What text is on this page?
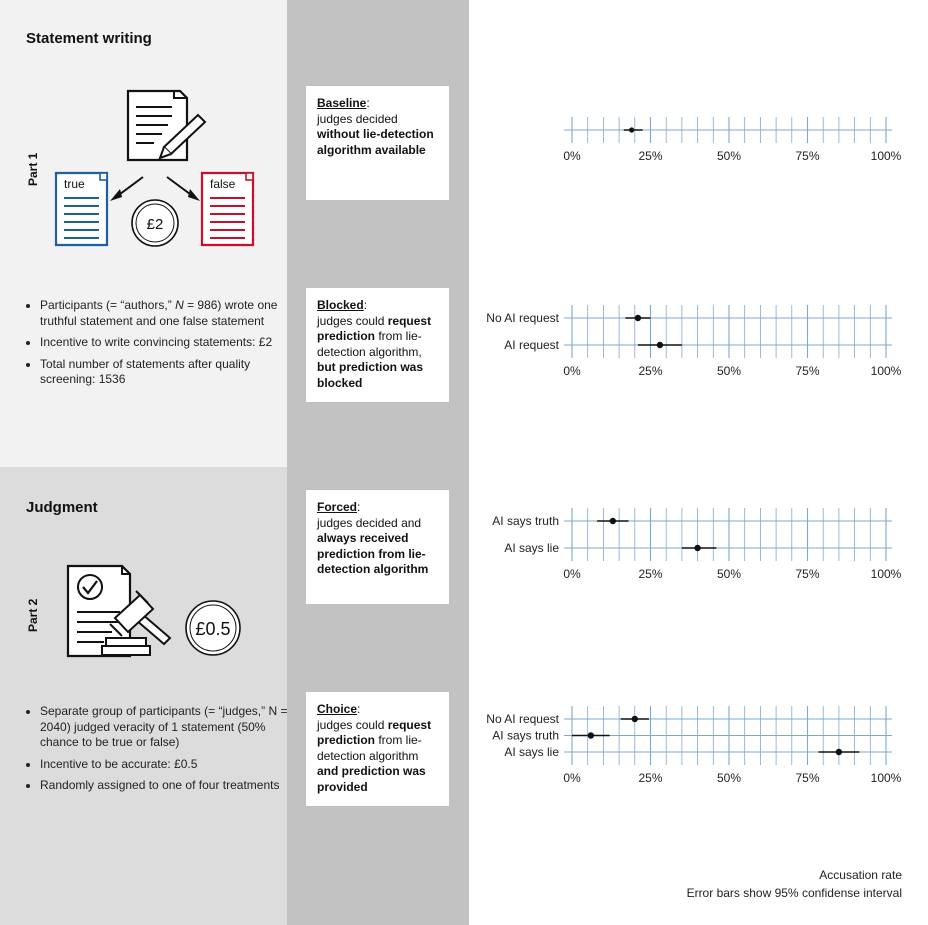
Statement writing
Part 1 true	false
£2
• Participants (= “authors,” N = 986) wrote one truthful statement and one false statement
• Incentive to write convincing statements: £2
• Total number of statements after quality screening: 1536
Judgment
Part 2	£0.5
• Separate group of participants (= “judges,” N = 2040) judged veracity of 1 statement (50% chance to be true or false)
• Incentive to be accurate: £0.5
• Randomly assigned to one of four treatments
Baseline:
judges decided without lie-detection algorithm available
Blocked:
judges could request prediction from lie-detection algorithm, but prediction was blocked
Forced:
judges decided and always received prediction from lie-detection algorithm
Choice:
judges could request prediction from lie-detection algorithm and prediction was provided
0%	25%	50%	75%	100%
No AI request
AI request
0%	25%	50%	75%	100%
AI says truth
AI says lie
0%	25%	50%	75%	100%
No AI request
AI says truth
AI says lie
0%	25%	50%	75%	100%
Accusation rate
Error bars show 95% confidense interval
